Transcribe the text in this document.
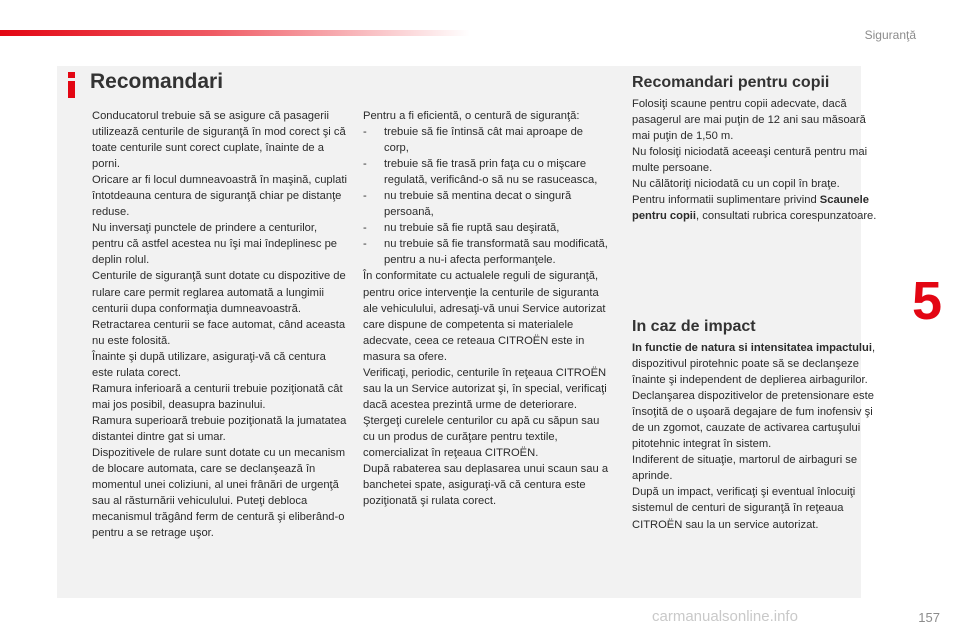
Siguranţă
5
Recomandari

Conducatorul trebuie să se asigure că pasagerii utilizează centurile de siguranţă în mod corect şi că toate centurile sunt corect cuplate, înainte de a porni.

Oricare ar fi locul dumneavoastră în maşină, cuplati întotdeauna centura de siguranţă chiar pe distanţe reduse.

Nu inversaţi punctele de prindere a centurilor, pentru că astfel acestea nu îşi mai îndeplinesc pe deplin rolul.

Centurile de siguranţă sunt dotate cu dispozitive de rulare care permit reglarea automată a lungimii centurii dupa conformaţia dumneavoastră. Retractarea centurii se face automat, când aceasta nu este folosită.

Înainte şi după utilizare, asiguraţi-vă că centura este rulata corect.

Ramura inferioară a centurii trebuie poziţionată cât mai jos posibil, deasupra bazinului.

Ramura superioară trebuie poziţionată la jumatatea distantei dintre gat si umar.

Dispozitivele de rulare sunt dotate cu un mecanism de blocare automata, care se declanşează în momentul unei coliziuni, al unei frânări de urgenţă sau al răsturnării vehiculului. Puteţi debloca mecanismul trăgând ferm de centură şi eliberând-o pentru a se retrage uşor.

Pentru a fi eficientă, o centură de siguranţă:

-	trebuie să fie întinsă cât mai aproape de corp,
-	trebuie să fie trasă prin faţa cu o mişcare regulată, verificând-o să nu se rasuceasca,
-	nu trebuie să mentina decat o singură persoană,
-	nu trebuie să fie ruptă sau deşirată,
-	nu trebuie să fie transformată sau modificată, pentru a nu-i afecta performanţele.

În conformitate cu actualele reguli de siguranţă, pentru orice intervenţie la centurile de siguranta ale vehiculului, adresaţi-vă unui Service autorizat care dispune de competenta si materialele adecvate, ceea ce reteaua CITROËN este in masura sa ofere.

Verificaţi, periodic, centurile în reţeaua CITROËN sau la un Service autorizat şi, în special, verificaţi dacă acestea prezintă urme de deteriorare.

Ştergeţi curelele centurilor cu apă cu săpun sau cu un produs de curăţare pentru textile, comercializat în reţeaua CITROËN.

După rabaterea sau deplasarea unui scaun sau a banchetei spate, asiguraţi-vă că centura este poziţionată şi rulata corect.

Recomandari pentru copii

Folosiţi scaune pentru copii adecvate, dacă pasagerul are mai puţin de 12 ani sau măsoară mai puţin de 1,50 m.

Nu folosiţi niciodată aceeaşi centură pentru mai multe persoane.

Nu călătoriţi niciodată cu un copil în braţe.

Pentru informatii suplimentare privind Scaunele pentru copii, consultati rubrica corespunzatoare.

In caz de impact

In functie de natura si intensitatea impactului, dispozitivul pirotehnic poate să se declanşeze înainte şi independent de deplierea airbagurilor. Declanşarea dispozitivelor de pretensionare este însoţită de o uşoară degajare de fum inofensiv şi de un zgomot, cauzate de activarea cartuşului pitotehnic integrat în sistem.

Indiferent de situaţie, martorul de airbaguri se aprinde.

După un impact, verificaţi şi eventual înlocuiţi sistemul de centuri de siguranţă în reţeaua CITROËN sau la un service autorizat.

carmanualsonline.info	157
